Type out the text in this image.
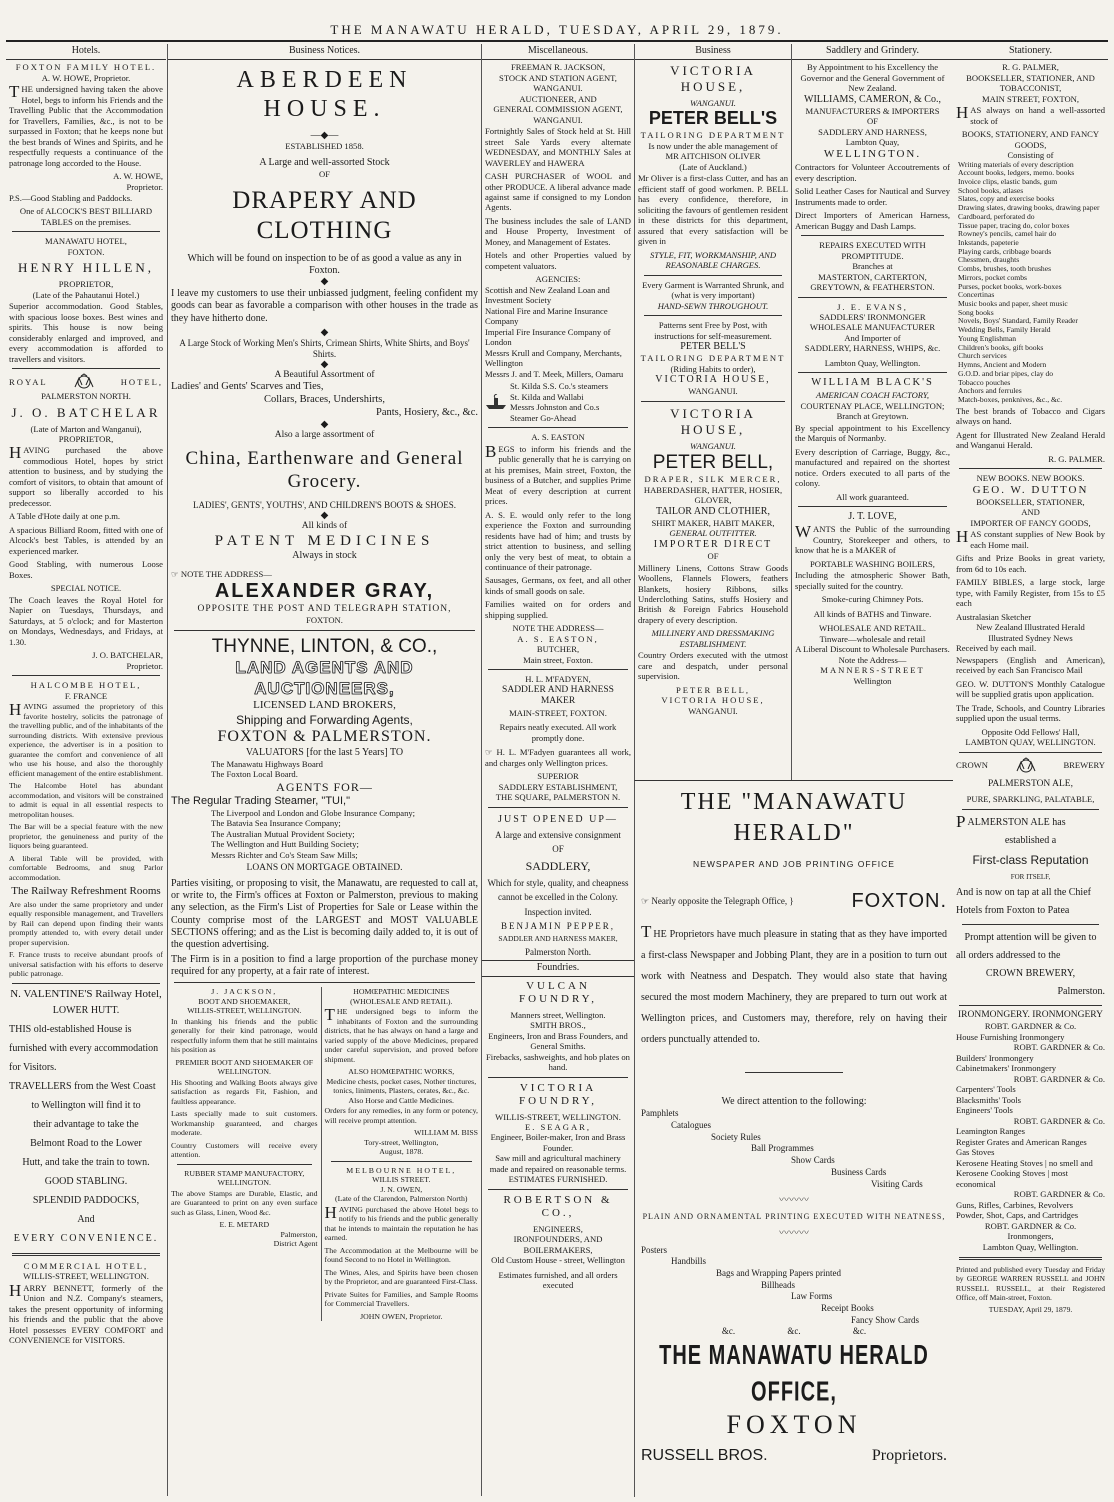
THE MANAWATU HERALD, TUESDAY, APRIL 29, 1879.
Hotels.
FOXTON FAMILY HOTEL.
A. W. HOWE, Proprietor.
THE undersigned having taken the above Hotel, begs to inform his Friends and the Travelling Public that the Accommodation for Travellers, Families, &c., is not to be surpassed in Foxton; that he keeps none but the best brands of Wines and Spirits, and he respectfully requests a continuance of the patronage long accorded to the House.
A. W. HOWE,
Proprietor.
P.S.—Good Stabling and Paddocks.
One of ALCOCK'S BEST BILLIARD TABLES on the premises.
MANAWATU HOTEL,
FOXTON.
HENRY HILLEN,
PROPRIETOR,
(Late of the Pahautanui Hotel.)
Superior accommodation. Good Stables, with spacious loose boxes. Best wines and spirits. This house is now being considerably enlarged and improved, and every accommodation is afforded to travellers and visitors.
ROYAL	HOTEL,
PALMERSTON NORTH.
J. O. BATCHELAR
(Late of Marton and Wanganui),
PROPRIETOR,
HAVING purchased the above commodious Hotel, hopes by strict attention to business, and by studying the comfort of visitors, to obtain that amount of support so liberally accorded to his predecessor.
A Table d'Hote daily at one p.m.
A spacious Billiard Room, fitted with one of Alcock's best Tables, is attended by an experienced marker.
Good Stabling, with numerous Loose Boxes.
SPECIAL NOTICE.
The Coach leaves the Royal Hotel for Napier on Tuesdays, Thursdays, and Saturdays, at 5 o'clock; and for Masterton on Mondays, Wednesdays, and Fridays, at 1.30.
J. O. BATCHELAR,
Proprietor.
HALCOMBE HOTEL,
F. FRANCE
HAVING assumed the proprietory of this favorite hostelry, solicits the patronage of the travelling public, and of the inhabitants of the surrounding districts. With extensive previous experience, the advertiser is in a position to guarantee the comfort and convenience of all who use his house, and also the thoroughly efficient management of the entire establishment.
The Halcombe Hotel has abundant accommodation, and visitors will be constrained to admit is equal in all essential respects to metropolitan houses.
The Bar will be a special feature with the new proprietor, the genuineness and purity of the liquors being guaranteed.
A liberal Table will be provided, with comfortable Bedrooms, and snug Parlor accommodation.
The Railway Refreshment Rooms
Are also under the same proprietory and under equally responsible management, and Travellers by Rail can depend upon finding their wants promptly attended to, with every detail under proper supervision.
F. France trusts to receive abundant proofs of universal satisfaction with his efforts to deserve public patronage.
N. VALENTINE'S Railway Hotel,
LOWER HUTT.
THIS old-established House is
furnished with every accommodation
for Visitors.
TRAVELLERS from the West Coast
to Wellington will find it to
their advantage to take the
Belmont Road to the Lower
Hutt, and take the train to town.
GOOD STABLING.
SPLENDID PADDOCKS,
And
EVERY CONVENIENCE.
COMMERCIAL HOTEL,
WILLIS-STREET, WELLINGTON.
HARRY BENNETT, formerly of the Union and N.Z. Company's steamers, takes the present opportunity of informing his friends and the public that the above Hotel possesses EVERY COMFORT and CONVENIENCE for VISITORS.
Business Notices.
ABERDEEN HOUSE.
—◆—
ESTABLISHED 1858.
A Large and well-assorted Stock
OF
DRAPERY AND CLOTHING
Which will be found on inspection to be of as good a value as any in Foxton.
◆
I leave my customers to use their unbiassed judgment, feeling confident my goods can bear as favorable a comparison with other houses in the trade as they have hitherto done.
◆
A Large Stock of Working Men's Shirts, Crimean Shirts, White Shirts, and Boys' Shirts.
◆
A Beautiful Assortment of
Ladies' and Gents' Scarves and Ties,
Collars, Braces, Undershirts,
Pants, Hosiery, &c., &c.
◆
Also a large assortment of
China, Earthenware and General Grocery.
LADIES', GENTS', YOUTHS', AND CHILDREN'S BOOTS & SHOES.
◆
All kinds of
PATENT MEDICINES
Always in stock
☞ NOTE THE ADDRESS—
ALEXANDER GRAY,
OPPOSITE THE POST AND TELEGRAPH STATION,
FOXTON.
THYNNE, LINTON, & CO.,
LAND AGENTS AND AUCTIONEERS,
LICENSED LAND BROKERS,
Shipping and Forwarding Agents,
FOXTON & PALMERSTON.
VALUATORS [for the last 5 Years] TO
The Manawatu Highways Board
The Foxton Local Board.
AGENTS FOR—
The Regular Trading Steamer, "TUI,"
The Liverpool and London and Globe Insurance Company;
The Batavia Sea Insurance Company;
The Australian Mutual Provident Society;
The Wellington and Hutt Building Society;
Messrs Richter and Co's Steam Saw Mills;
LOANS ON MORTGAGE OBTAINED.
Parties visiting, or proposing to visit, the Manawatu, are requested to call at, or write to, the Firm's offices at Foxton or Palmerston, previous to making any selection, as the Firm's List of Properties for Sale or Lease within the County comprise most of the LARGEST and MOST VALUABLE SECTIONS offering; and as the List is becoming daily added to, it is out of the question advertising.
The Firm is in a position to find a large proportion of the purchase money required for any property, at a fair rate of interest.
J. JACKSON,
BOOT AND SHOEMAKER,
WILLIS-STREET, WELLINGTON.
In thanking his friends and the public generally for their kind patronage, would respectfully inform them that he still maintains his position as
PREMIER BOOT AND SHOEMAKER OF WELLINGTON.
His Shooting and Walking Boots always give satisfaction as regards Fit, Fashion, and faultless appearance.
Lasts specially made to suit customers. Workmanship guaranteed, and charges moderate.
Country Customers will receive every attention.
RUBBER STAMP MANUFACTORY,
WELLINGTON.
The above Stamps are Durable, Elastic, and are Guaranteed to print on any even surface such as Glass, Linen, Wood &c.
E. E. METARD
Palmerston,
District Agent
HOMŒPATHIC MEDICINES
(WHOLESALE AND RETAIL).
THE undersigned begs to inform the inhabitants of Foxton and the surrounding districts, that he has always on hand a large and varied supply of the above Medicines, prepared under careful supervision, and proved before shipment.
ALSO HOMŒPATHIC WORKS,
Medicine chests, pocket cases, Nother tinctures, tonics, liniments, Plasters, cerates, &c., &c.
Also Horse and Cattle Medicines.
Orders for any remedies, in any form or potency, will receive prompt attention.
WILLIAM M. BISS
Tory-street, Wellington,
August, 1878.
MELBOURNE HOTEL,
WILLIS STREET.
J. N. OWEN,
(Late of the Clarendon, Palmerston North)
HAVING purchased the above Hotel begs to notify to his friends and the public generally that he intends to maintain the reputation he has earned.
The Accommodation at the Melbourne will be found Second to no Hotel in Wellington.
The Wines, Ales, and Spirits have been chosen by the Proprietor, and are guaranteed First-Class.
Private Suites for Families, and Sample Rooms for Commercial Travellers.
JOHN OWEN, Proprietor.
Miscellaneous.
FREEMAN R. JACKSON,
STOCK AND STATION AGENT,
WANGANUI.
AUCTIONEER, AND
GENERAL COMMISSION AGENT,
WANGANUI.
Fortnightly Sales of Stock held at St. Hill street Sale Yards every alternate WEDNESDAY, and MONTHLY Sales at WAVERLEY and HAWERA
CASH PURCHASER of WOOL and other PRODUCE. A liberal advance made against same if consigned to my London Agents.
The business includes the sale of LAND and House Property, Investment of Money, and Management of Estates.
Hotels and other Properties valued by competent valuators.
AGENCIES:
Scottish and New Zealand Loan and Investment Society
National Fire and Marine Insurance Company
Imperial Fire Insurance Company of London
Messrs Krull and Company, Merchants, Wellington
Messrs J. and T. Meek, Millers, Oamaru
St. Kilda S.S. Co.'s steamers
St. Kilda and Wallabi
Messrs Johnston and Co.s
Steamer Go-Ahead
A. S. EASTON
BEGS to inform his friends and the public generally that he is carrying on at his premises, Main street, Foxton, the business of a Butcher, and supplies Prime Meat of every description at current prices.
A. S. E. would only refer to the long experience the Foxton and surrounding residents have had of him; and trusts by strict attention to business, and selling only the very best of meat, to obtain a continuance of their patronage.
Sausages, Germans, ox feet, and all other kinds of small goods on sale.
Families waited on for orders and shipping supplied.
NOTE THE ADDRESS—
A. S. EASTON,
BUTCHER,
Main street, Foxton.
H. L. M'FADYEN,
SADDLER AND HARNESS MAKER
MAIN-STREET, FOXTON.
Repairs neatly executed. All work
promptly done.
☞ H. L. M'Fadyen guarantees all work, and charges only Wellington prices.
SUPERIOR
SADDLERY ESTABLISHMENT,
THE SQUARE, PALMERSTON N.
JUST OPENED UP—
A large and extensive consignment
OF
SADDLERY,
Which for style, quality, and cheapness cannot be excelled in the Colony.
Inspection invited.
BENJAMIN PEPPER,
SADDLER AND HARNESS MAKER,
Palmerston North.
Foundries.
VULCAN FOUNDRY,
Manners street, Wellington.
SMITH BROS.,
Engineers, Iron and Brass Founders, and General Smiths.
Firebacks, sashweights, and hob plates on hand.
VICTORIA FOUNDRY,
WILLIS-STREET, WELLINGTON.
E. SEAGAR,
Engineer, Boiler-maker, Iron and Brass Founder.
Saw mill and agricultural machinery made and repaired on reasonable terms.
ESTIMATES FURNISHED.
ROBERTSON & CO.,
ENGINEERS,
IRONFOUNDERS, AND BOILERMAKERS,
Old Custom House - street, Wellington
Estimates furnished, and all orders executed
Business
VICTORIA HOUSE,
WANGANUI.
PETER BELL'S
TAILORING DEPARTMENT
Is now under the able management of
MR AITCHISON OLIVER
(Late of Auckland.)
Mr Oliver is a first-class Cutter, and has an efficient staff of good workmen. P. BELL has every confidence, therefore, in soliciting the favours of gentlemen resident in these districts for this department, assured that every satisfaction will be given in
STYLE, FIT, WORKMANSHIP, AND REASONABLE CHARGES.
Every Garment is Warranted Shrunk, and (what is very important)
HAND-SEWN THROUGHOUT.
Patterns sent Free by Post, with instructions for self-measurement.
PETER BELL'S
TAILORING DEPARTMENT
(Riding Habits to order),
VICTORIA HOUSE,
WANGANUI.
VICTORIA HOUSE,
WANGANUI.
PETER BELL,
DRAPER, SILK MERCER,
HABERDASHER, HATTER, HOSIER,
GLOVER,
TAILOR AND CLOTHIER,
SHIRT MAKER, HABIT MAKER,
GENERAL OUTFITTER.
IMPORTER DIRECT
OF
Millinery Linens, Cottons Straw Goods Woollens, Flannels Flowers, feathers Blankets, hosiery Ribbons, silks Underclothing Satins, stuffs Hosiery and British & Foreign Fabrics Household drapery of every description.
MILLINERY AND DRESSMAKING ESTABLISHMENT.
Country Orders executed with the utmost care and despatch, under personal supervision.
PETER BELL,
VICTORIA HOUSE,
WANGANUI.
Saddlery and Grindery.
By Appointment to his Excellency the Governor and the General Government of New Zealand.
WILLIAMS, CAMERON, & Co.,
MANUFACTURERS & IMPORTERS
OF
SADDLERY AND HARNESS,
Lambton Quay,
WELLINGTON.
Contractors for Volunteer Accoutrements of every description.
Solid Leather Cases for Nautical and Survey Instruments made to order.
Direct Importers of American Harness, American Buggy and Dash Lamps.
REPAIRS EXECUTED WITH PROMPTITUDE.
Branches at
MASTERTON, CARTERTON, GREYTOWN, & FEATHERSTON.
J. E. EVANS,
SADDLERS' IRONMONGER
WHOLESALE MANUFACTURER
And Importer of
SADDLERY, HARNESS, WHIPS, &c.
Lambton Quay, Wellington.
WILLIAM BLACK'S
AMERICAN COACH FACTORY,
COURTENAY PLACE, WELLINGTON;
Branch at Greytown.
By special appointment to his Excellency the Marquis of Normanby.
Every description of Carriage, Buggy, &c., manufactured and repaired on the shortest notice. Orders executed to all parts of the colony.
All work guaranteed.
J. T. LOVE,
WANTS the Public of the surrounding Country, Storekeeper and others, to know that he is a MAKER of
PORTABLE WASHING BOILERS,
Including the atmospheric Shower Bath, specially suited for the country.
Smoke-curing Chimney Pots.
All kinds of BATHS and Tinware.
WHOLESALE AND RETAIL.
Tinware—wholesale and retail
A Liberal Discount to Wholesale Purchasers.
Note the Address—
MANNERS-STREET
Wellington
THE "MANAWATU HERALD"
NEWSPAPER AND JOB PRINTING OFFICE
☞ Nearly opposite the Telegraph Office, }	FOXTON.
THE Proprietors have much pleasure in stating that as they have imported a first-class Newspaper and Jobbing Plant, they are in a position to turn out work with Neatness and Despatch. They would also state that having secured the most modern Machinery, they are prepared to turn out work at Wellington prices, and Customers may, therefore, rely on having their orders punctually attended to.
We direct attention to the following:
Pamphlets
Catalogues
Society Rules
Ball Programmes
Show Cards
Business Cards
Visiting Cards
〰〰〰
PLAIN AND ORNAMENTAL PRINTING EXECUTED WITH NEATNESS,
〰〰〰
Posters
Handbills
Bags and Wrapping Papers printed
Billheads
Law Forms
Receipt Books
Fancy Show Cards
&c. &c. &c.
THE MANAWATU HERALD OFFICE,
FOXTON
RUSSELL BROS.	Proprietors.
Stationery.
R. G. PALMER,
BOOKSELLER, STATIONER, AND TOBACCONIST,
MAIN STREET, FOXTON,
HAS always on hand a well-assorted stock of
BOOKS, STATIONERY, AND FANCY GOODS,
Consisting of
Writing materials of every description
Account books, ledgers, memo. books
Invoice clips, elastic bands, gum
School books, atlases
Slates, copy and exercise books
Drawing slates, drawing books, drawing paper
Cardboard, perforated do
Tissue paper, tracing do, color boxes
Rowney's pencils, camel hair do
Inkstands, papeterie
Playing cards, cribbage boards
Chessmen, draughts
Combs, brushes, tooth brushes
Mirrors, pocket combs
Purses, pocket books, work-boxes
Concertinas
Music books and paper, sheet music
Song books
Novels, Boys' Standard, Family Reader
Wedding Bells, Family Herald
Young Englishman
Children's books, gift books
Church services
Hymns, Ancient and Modern
G.O.D. and briar pipes, clay do
Tobacco pouches
Anchors and ferrules
Match-boxes, penknives, &c., &c.
The best brands of Tobacco and Cigars always on hand.
Agent for Illustrated New Zealand Herald and Wanganui Herald.
R. G. PALMER.
NEW BOOKS. NEW BOOKS.
GEO. W. DUTTON
BOOKSELLER, STATIONER,
AND
IMPORTER OF FANCY GOODS,
HAS constant supplies of New Book by each Home mail.
Gifts and Prize Books in great variety, from 6d to 10s each.
FAMILY BIBLES, a large stock, large type, with Family Register, from 15s to £5 each
Australasian Sketcher
New Zealand Illustrated Herald
Illustrated Sydney News
Received by each mail.
Newspapers (English and American), received by each San Francisco Mail
GEO. W. DUTTON'S Monthly Catalogue will be supplied gratis upon application.
The Trade, Schools, and Country Libraries supplied upon the usual terms.
Opposite Odd Fellows' Hall,
LAMBTON QUAY, WELLINGTON.
CROWN	BREWERY
PALMERSTON ALE,
PURE, SPARKLING, PALATABLE,
PALMERSTON ALE has
established a
First-class Reputation
FOR ITSELF,
And is now on tap at all the Chief
Hotels from Foxton to Patea
Prompt attention will be given to
all orders addressed to the
CROWN BREWERY,
Palmerston.
IRONMONGERY. IRONMONGERY
ROBT. GARDNER & Co.
House Furnishing Ironmongery
ROBT. GARDNER & Co.
Builders' Ironmongery
Cabinetmakers' Ironmongery
ROBT. GARDNER & Co.
Carpenters' Tools
Blacksmiths' Tools
Engineers' Tools
ROBT. GARDNER & Co.
Leamington Ranges
Register Grates and American Ranges
Gas Stoves
Kerosene Heating Stoves | no smell and
Kerosene Cooking Stoves | most economical
ROBT. GARDNER & Co.
Guns, Rifles, Carbines, Revolvers
Powder, Shot, Caps, and Cartridges
ROBT. GARDNER & Co.
Ironmongers,
Lambton Quay, Wellington.
Printed and published every Tuesday and Friday by GEORGE WARREN RUSSELL and JOHN RUSSELL RUSSELL, at their Registered Office, off Main-street, Foxton.
TUESDAY, April 29, 1879.
